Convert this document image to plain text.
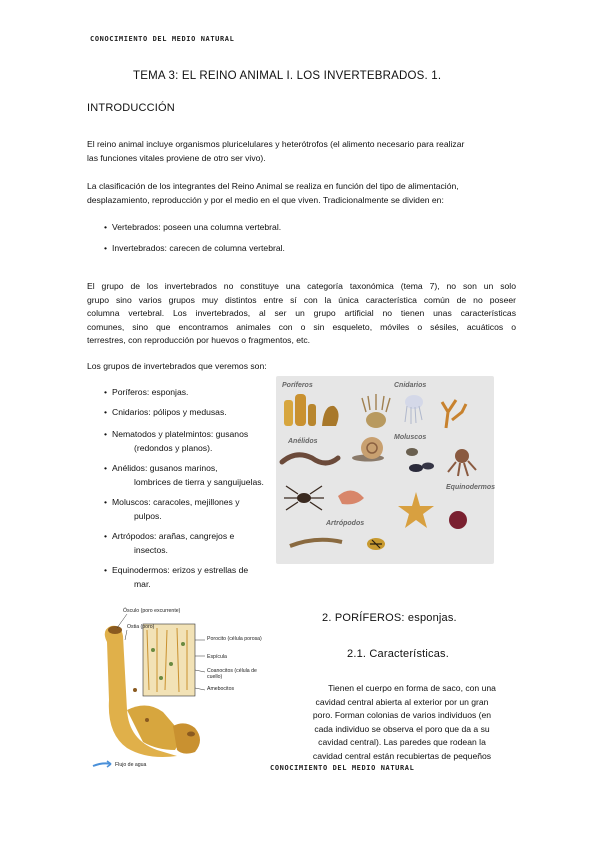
CONOCIMIENTO DEL MEDIO NATURAL
TEMA 3: EL REINO ANIMAL I. LOS INVERTEBRADOS. 1.
INTRODUCCIÓN
El reino animal incluye organismos pluricelulares y heterótrofos (el alimento necesario para realizar
las funciones vitales proviene de otro ser vivo).
La clasificación de los integrantes del Reino Animal se realiza en función del tipo de alimentación,
desplazamiento, reproducción y por el medio en el que viven. Tradicionalmente se dividen en:
• Vertebrados: poseen una columna vertebral.
• Invertebrados: carecen de columna vertebral.
El grupo de los invertebrados no constituye una categoría taxonómica (tema 7), no son un solo
grupo sino varios grupos muy distintos entre sí con la única característica común de no poseer
columna vertebral. Los invertebrados, al ser un grupo artificial no tienen unas características
comunes, sino que encontramos animales con o sin esqueleto, móviles o sésiles, acuáticos o
terrestres, con reproducción por huevos o fragmentos, etc.
Los grupos de invertebrados que veremos son:
• Poríferos: esponjas.
• Cnidarios: pólipos y medusas.
• Nematodos y platelmintos: gusanos
(redondos y planos).
• Anélidos: gusanos marinos,
lombrices de tierra y sanguijuelas.
• Moluscos: caracoles, mejillones y
pulpos.
• Artrópodos: arañas, cangrejos e
insectos.
• Equinodermos: erizos y estrellas de
mar.
Poríferos	Cnidarios
Anélidos
Moluscos
Equinodermos
Artrópodos
Ósculo (poro excurrente)
Ostia (poro)
Porocito (célula porosa)
Espícula
Coanocitos (célula de cuello)
Amebocitos
Flujo de agua
2. PORÍFEROS: esponjas.
2.1. Características.
Tienen el cuerpo en forma de saco, con una
cavidad central abierta al exterior por un gran
poro. Forman colonias de varios individuos (en
cada individuo se observa el poro que da a su
cavidad central). Las paredes que rodean la
cavidad central están recubiertas de pequeños
CONOCIMIENTO DEL MEDIO NATURAL
